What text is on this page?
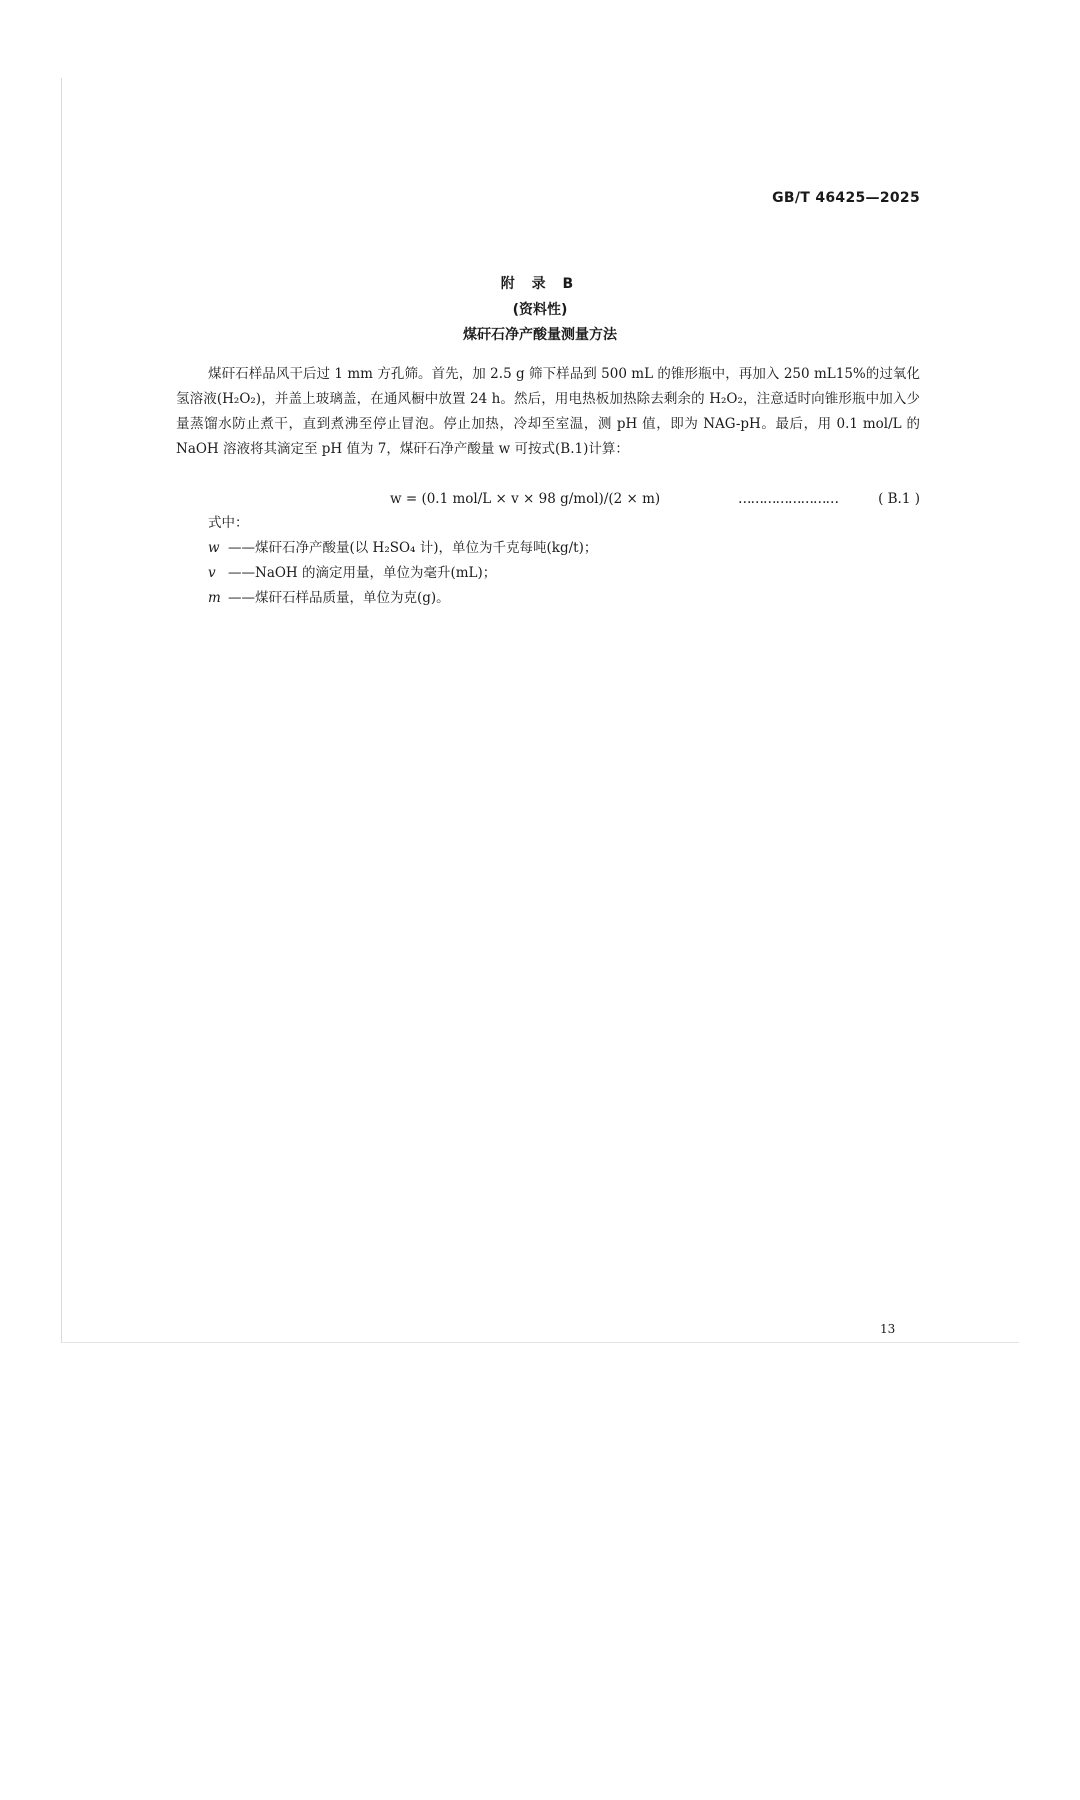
GB/T 46425—2025
附 录 B
(资料性)
煤矸石净产酸量测量方法

煤矸石样品风干后过 1 mm 方孔筛。首先，加 2.5 g 筛下样品到 500 mL 的锥形瓶中，再加入 250 mL15%的过氧化氢溶液(H₂O₂)，并盖上玻璃盖，在通风橱中放置 24 h。然后，用电热板加热除去剩余的 H₂O₂，注意适时向锥形瓶中加入少量蒸馏水防止煮干，直到煮沸至停止冒泡。停止加热，冷却至室温，测 pH 值，即为 NAG-pH。最后，用 0.1 mol/L 的 NaOH 溶液将其滴定至 pH 值为 7，煤矸石净产酸量 w 可按式(B.1)计算：

w = (0.1 mol/L × v × 98 g/mol)/(2 × m)	……………………	( B.1 )
式中：
w ——煤矸石净产酸量(以 H₂SO₄ 计)，单位为千克每吨(kg/t)；
v ——NaOH 的滴定用量，单位为毫升(mL)；
m ——煤矸石样品质量，单位为克(g)。
13
